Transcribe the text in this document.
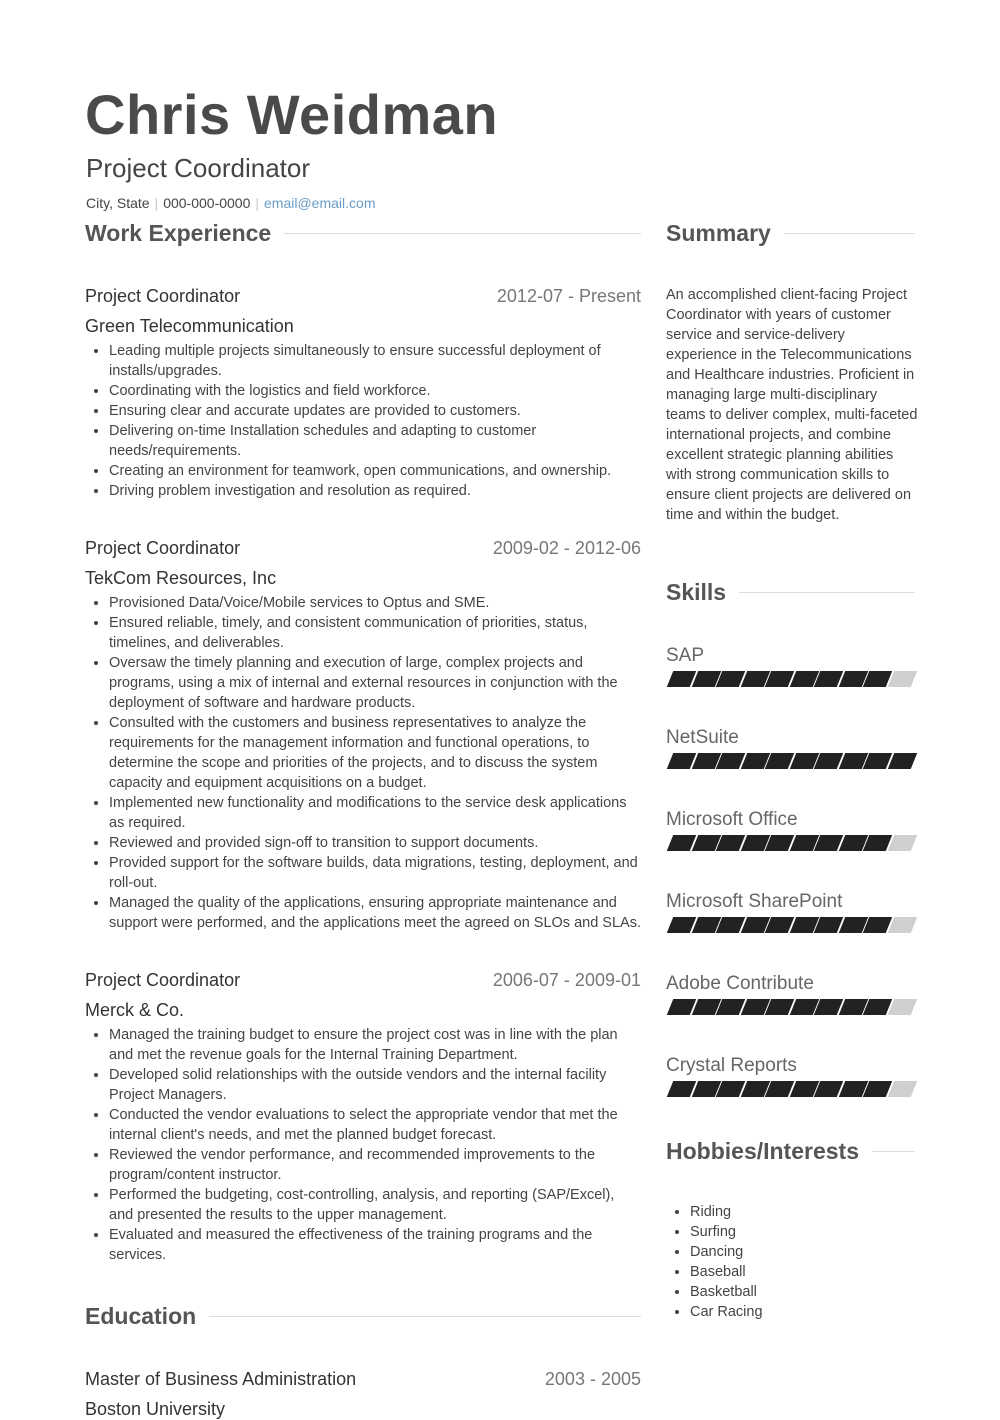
Chris Weidman
Project Coordinator
City, State | 000-000-0000 | email@email.com
Work Experience
Project Coordinator	2012-07 - Present
Green Telecommunication
• Leading multiple projects simultaneously to ensure successful deployment of installs/upgrades.
• Coordinating with the logistics and field workforce.
• Ensuring clear and accurate updates are provided to customers.
• Delivering on-time Installation schedules and adapting to customer needs/requirements.
• Creating an environment for teamwork, open communications, and ownership.
• Driving problem investigation and resolution as required.
Project Coordinator	2009-02 - 2012-06
TekCom Resources, Inc
• Provisioned Data/Voice/Mobile services to Optus and SME.
• Ensured reliable, timely, and consistent communication of priorities, status, timelines, and deliverables.
• Oversaw the timely planning and execution of large, complex projects and programs, using a mix of internal and external resources in conjunction with the deployment of software and hardware products.
• Consulted with the customers and business representatives to analyze the requirements for the management information and functional operations, to determine the scope and priorities of the projects, and to discuss the system capacity and equipment acquisitions on a budget.
• Implemented new functionality and modifications to the service desk applications as required.
• Reviewed and provided sign-off to transition to support documents.
• Provided support for the software builds, data migrations, testing, deployment, and roll-out.
• Managed the quality of the applications, ensuring appropriate maintenance and support were performed, and the applications meet the agreed on SLOs and SLAs.
Project Coordinator	2006-07 - 2009-01
Merck & Co.
• Managed the training budget to ensure the project cost was in line with the plan and met the revenue goals for the Internal Training Department.
• Developed solid relationships with the outside vendors and the internal facility Project Managers.
• Conducted the vendor evaluations to select the appropriate vendor that met the internal client's needs, and met the planned budget forecast.
• Reviewed the vendor performance, and recommended improvements to the program/content instructor.
• Performed the budgeting, cost-controlling, analysis, and reporting (SAP/Excel), and presented the results to the upper management.
• Evaluated and measured the effectiveness of the training programs and the services.
Education
Master of Business Administration	2003 - 2005
Boston University
Summary
An accomplished client-facing Project Coordinator with years of customer service and service-delivery experience in the Telecommunications and Healthcare industries. Proficient in managing large multi-disciplinary teams to deliver complex, multi-faceted international projects, and combine excellent strategic planning abilities with strong communication skills to ensure client projects are delivered on time and within the budget.
Skills
SAP
NetSuite
Microsoft Office
Microsoft SharePoint
Adobe Contribute
Crystal Reports
Hobbies/Interests
• Riding
• Surfing
• Dancing
• Baseball
• Basketball
• Car Racing
